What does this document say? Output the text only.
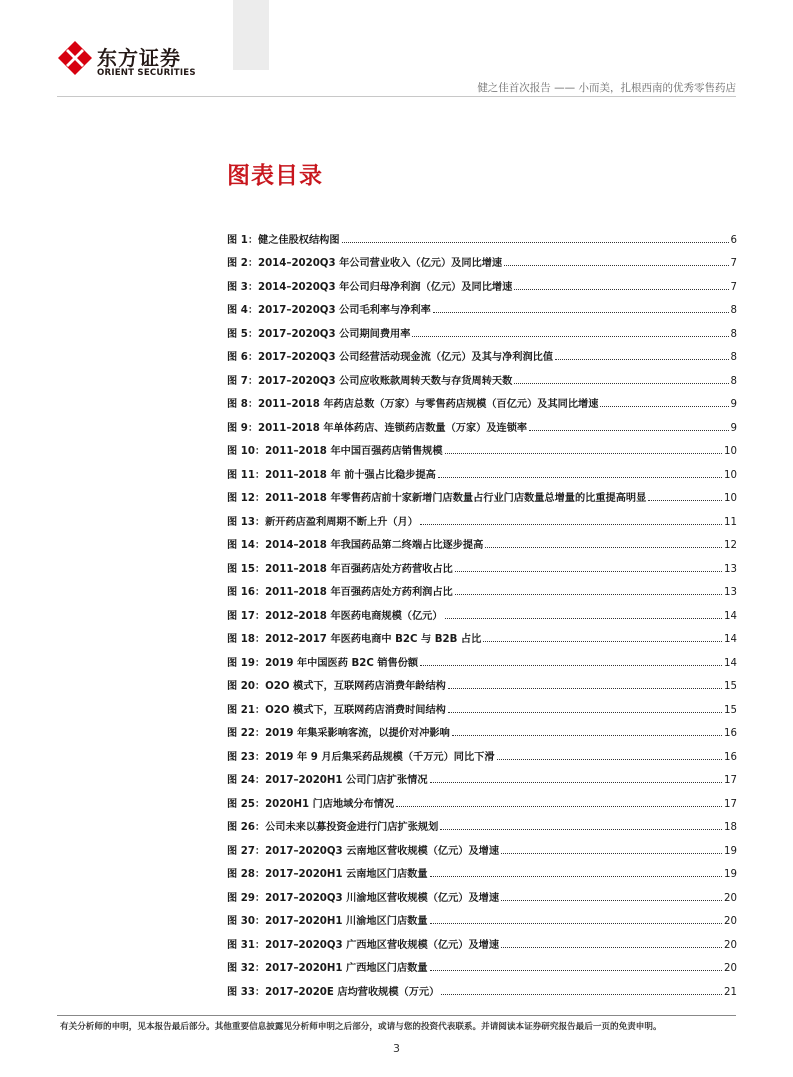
东方证券
ORIENT SECURITIES
健之佳首次报告 —— 小而美，扎根西南的优秀零售药店
图表目录
图 1：健之佳股权结构图	6
图 2：2014–2020Q3 年公司营业收入（亿元）及同比增速	7
图 3：2014–2020Q3 年公司归母净利润（亿元）及同比增速	7
图 4：2017–2020Q3 公司毛利率与净利率	8
图 5：2017–2020Q3 公司期间费用率	8
图 6：2017–2020Q3 公司经营活动现金流（亿元）及其与净利润比值	8
图 7：2017–2020Q3 公司应收账款周转天数与存货周转天数	8
图 8：2011–2018 年药店总数（万家）与零售药店规模（百亿元）及其同比增速	9
图 9：2011–2018 年单体药店、连锁药店数量（万家）及连锁率	9
图 10：2011–2018 年中国百强药店销售规模	10
图 11：2011–2018 年 前十强占比稳步提高	10
图 12：2011–2018 年零售药店前十家新增门店数量占行业门店数量总增量的比重提高明显	10
图 13：新开药店盈利周期不断上升（月）	11
图 14：2014–2018 年我国药品第二终端占比逐步提高	12
图 15：2011–2018 年百强药店处方药营收占比	13
图 16：2011–2018 年百强药店处方药利润占比	13
图 17：2012–2018 年医药电商规模（亿元）	14
图 18：2012–2017 年医药电商中 B2C 与 B2B 占比	14
图 19：2019 年中国医药 B2C 销售份额	14
图 20：O2O 模式下，互联网药店消费年龄结构	15
图 21：O2O 模式下，互联网药店消费时间结构	15
图 22：2019 年集采影响客流，以提价对冲影响	16
图 23：2019 年 9 月后集采药品规模（千万元）同比下滑	16
图 24：2017–2020H1 公司门店扩张情况	17
图 25：2020H1 门店地域分布情况	17
图 26：公司未来以募投资金进行门店扩张规划	18
图 27：2017–2020Q3 云南地区营收规模（亿元）及增速	19
图 28：2017–2020H1 云南地区门店数量	19
图 29：2017–2020Q3 川渝地区营收规模（亿元）及增速	20
图 30：2017–2020H1 川渝地区门店数量	20
图 31：2017–2020Q3 广西地区营收规模（亿元）及增速	20
图 32：2017–2020H1 广西地区门店数量	20
图 33：2017–2020E 店均营收规模（万元）	21
有关分析师的申明，见本报告最后部分。其他重要信息披露见分析师申明之后部分，或请与您的投资代表联系。并请阅读本证券研究报告最后一页的免责申明。
3
